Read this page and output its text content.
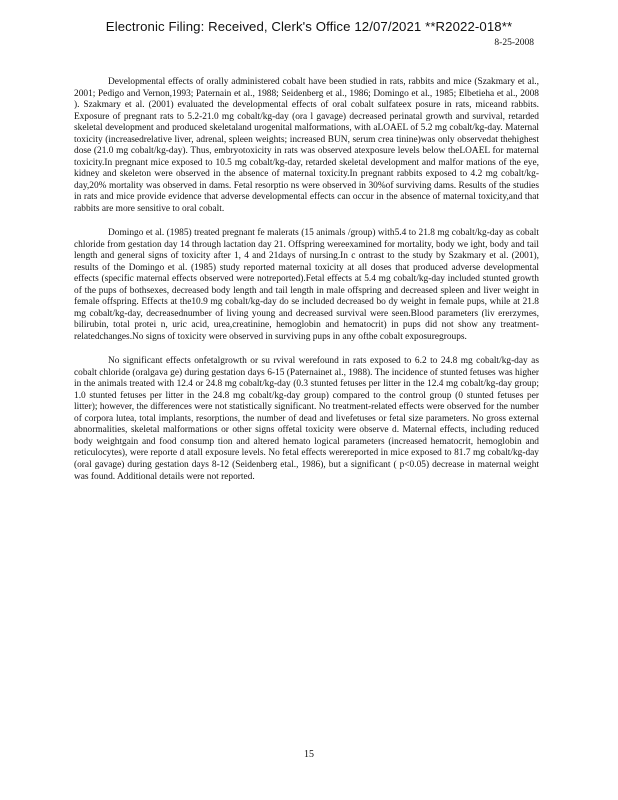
Electronic Filing: Received, Clerk's Office 12/07/2021 **R2022-018**
8-25-2008

Developmental effects of orally administered cobalt have been studied in rats, rabbits and mice (Szakmary et al., 2001; Pedigo and Vernon,1993; Paternain et al., 1988; Seidenberg et al., 1986; Domingo et al., 1985; Elbetieha et al., 2008 ). Szakmary et al. (2001) evaluated the developmental effects of oral cobalt sulfateex posure in rats, miceand rabbits. Exposure of pregnant rats to 5.2-21.0 mg cobalt/kg-day (ora l gavage) decreased perinatal growth and survival, retarded skeletal development and produced skeletaland urogenital malformations, with aLOAEL of 5.2 mg cobalt/kg-day. Maternal toxicity (increasedrelative liver, adrenal, spleen weights; increased BUN, serum crea tinine)was only observedat thehighest dose (21.0 mg cobalt/kg-day). Thus, embryotoxicity in rats was observed atexposure levels below theLOAEL for maternal toxicity.In pregnant mice exposed to 10.5 mg cobalt/kg-day, retarded skeletal development and malfor mations of the eye, kidney and skeleton were observed in the absence of maternal toxicity.In pregnant rabbits exposed to 4.2 mg cobalt/kg-day,20% mortality was observed in dams. Fetal resorptio ns were observed in 30%of surviving dams. Results of the studies in rats and mice provide evidence that adverse developmental effects can occur in the absence of maternal toxicity,and that rabbits are more sensitive to oral cobalt.

Domingo et al. (1985) treated pregnant fe malerats (15 animals /group) with5.4 to 21.8 mg cobalt/kg-day as cobalt chloride from gestation day 14 through lactation day 21. Offspring wereexamined for mortality, body we ight, body and tail length and general signs of toxicity after 1, 4 and 21days of nursing.In c ontrast to the study by Szakmary et al. (2001), results of the Domingo et al. (1985) study reported maternal toxicity at all doses that produced adverse developmental effects (specific maternal effects observed were notreported).Fetal effects at 5.4 mg cobalt/kg-day included stunted growth of the pups of bothsexes, decreased body length and tail length in male offspring and decreased spleen and liver weight in female offspring. Effects at the10.9 mg cobalt/kg-day do se included decreased bo dy weight in female pups, while at 21.8 mg cobalt/kg-day, decreasednumber of living young and decreased survival were seen.Blood parameters (liv ererzymes, bilirubin, total protei n, uric acid, urea,creatinine, hemoglobin and hematocrit) in pups did not show any treatment-relatedchanges.No signs of toxicity were observed in surviving pups in any ofthe cobalt exposuregroups.

No significant effects onfetalgrowth or su rvival werefound in rats exposed to 6.2 to 24.8 mg cobalt/kg-day as cobalt chloride (oralgava ge) during gestation days 6-15 (Paternainet al., 1988). The incidence of stunted fetuses was higher in the animals treated with 12.4 or 24.8 mg cobalt/kg-day (0.3 stunted fetuses per litter in the 12.4 mg cobalt/kg-day group; 1.0 stunted fetuses per litter in the 24.8 mg cobalt/kg-day group) compared to the control group (0 stunted fetuses per litter); however, the differences were not statistically significant. No treatment-related effects were observed for the number of corpora lutea, total implants, resorptions, the number of dead and livefetuses or fetal size parameters. No gross external abnormalities, skeletal malformations or other signs offetal toxicity were observe d. Maternal effects, including reduced body weightgain and food consump tion and altered hemato logical parameters (increased hematocrit, hemoglobin and reticulocytes), were reporte d atall exposure levels. No fetal effects werereported in mice exposed to 81.7 mg cobalt/kg-day (oral gavage) during gestation days 8-12 (Seidenberg etal., 1986), but a significant ( p<0.05) decrease in maternal weight was found. Additional details were not reported.

15
